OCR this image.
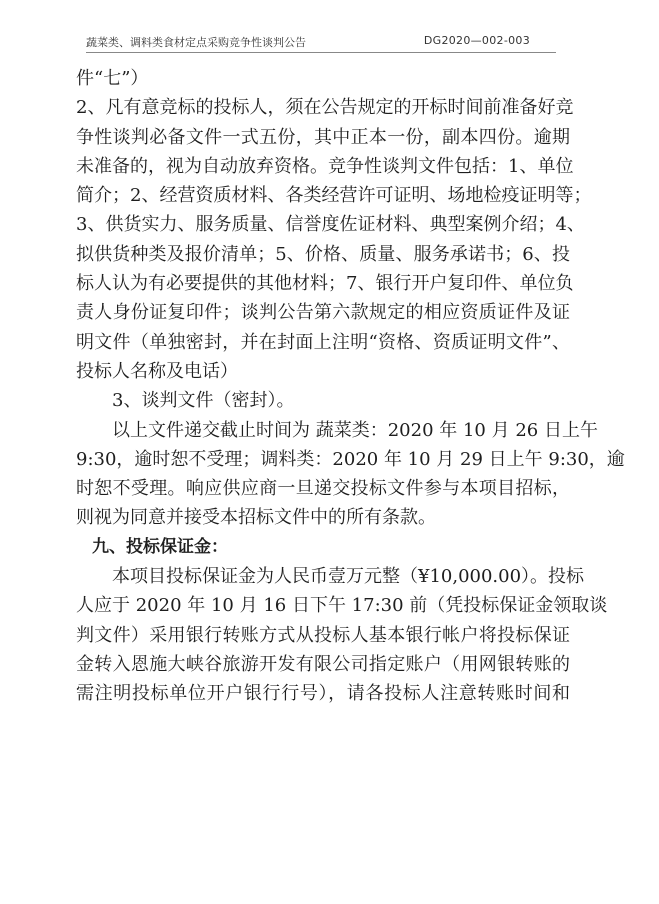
蔬菜类、调料类食材定点采购竞争性谈判公告	DG2020—002-003
件“七”）
2、凡有意竞标的投标人，须在公告规定的开标时间前准备好竞
争性谈判必备文件一式五份，其中正本一份，副本四份。逾期
未准备的，视为自动放弃资格。竞争性谈判文件包括：1、单位
简介；2、经营资质材料、各类经营许可证明、场地检疫证明等；
3、供货实力、服务质量、信誉度佐证材料、典型案例介绍；4、
拟供货种类及报价清单；5、价格、质量、服务承诺书；6、投
标人认为有必要提供的其他材料；7、银行开户复印件、单位负
责人身份证复印件；谈判公告第六款规定的相应资质证件及证
明文件（单独密封，并在封面上注明“资格、资质证明文件”、
投标人名称及电话）
3、谈判文件（密封）。
以上文件递交截止时间为 蔬菜类：2020 年 10 月 26 日上午
9:30，逾时恕不受理；调料类：2020 年 10 月 29 日上午 9:30，逾
时恕不受理。响应供应商一旦递交投标文件参与本项目招标，
则视为同意并接受本招标文件中的所有条款。
九、投标保证金：
本项目投标保证金为人民币壹万元整（¥10,000.00）。投标
人应于 2020 年 10 月 16 日下午 17:30 前（凭投标保证金领取谈
判文件）采用银行转账方式从投标人基本银行帐户将投标保证
金转入恩施大峡谷旅游开发有限公司指定账户（用网银转账的
需注明投标单位开户银行行号），请各投标人注意转账时间和
